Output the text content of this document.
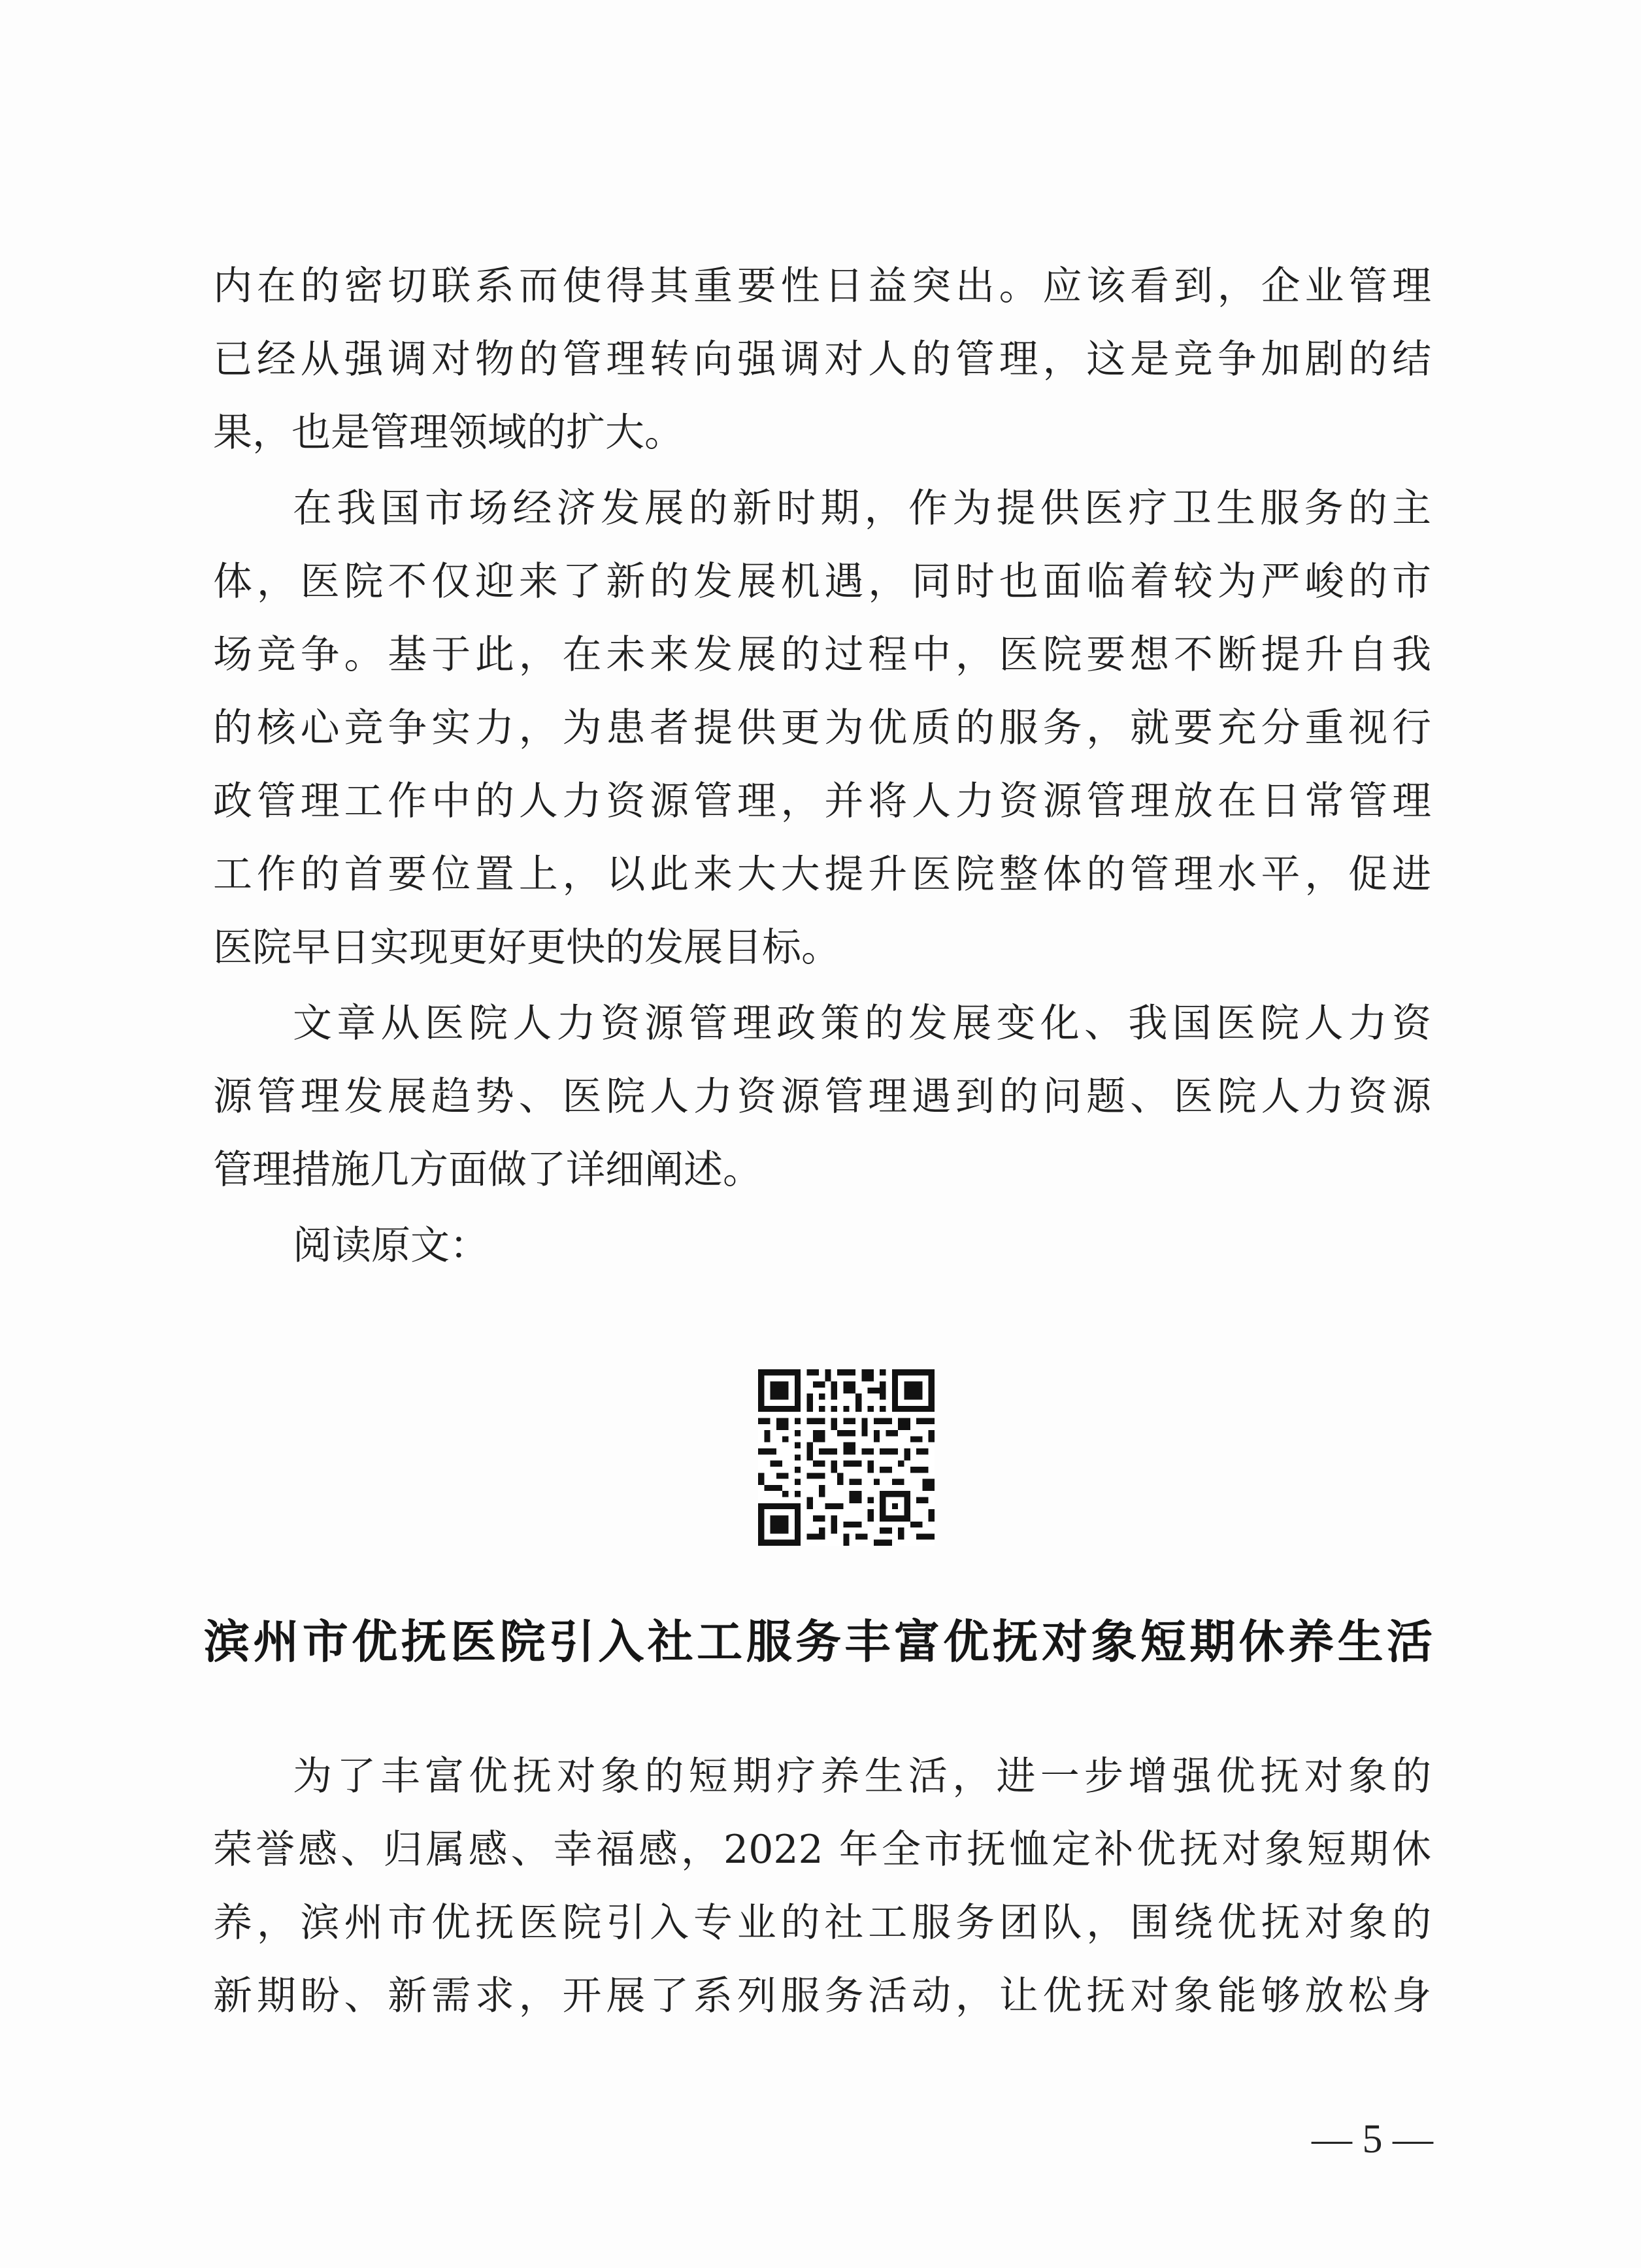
内在的密切联系而使得其重要性日益突出。应该看到，企业管理
已经从强调对物的管理转向强调对人的管理，这是竞争加剧的结
果，也是管理领域的扩大。
在我国市场经济发展的新时期，作为提供医疗卫生服务的主
体，医院不仅迎来了新的发展机遇，同时也面临着较为严峻的市
场竞争。基于此，在未来发展的过程中，医院要想不断提升自我
的核心竞争实力，为患者提供更为优质的服务，就要充分重视行
政管理工作中的人力资源管理，并将人力资源管理放在日常管理
工作的首要位置上，以此来大大提升医院整体的管理水平，促进
医院早日实现更好更快的发展目标。
文章从医院人力资源管理政策的发展变化、我国医院人力资
源管理发展趋势、医院人力资源管理遇到的问题、医院人力资源
管理措施几方面做了详细阐述。
阅读原文：
滨州市优抚医院引入社工服务丰富优抚对象短期休养生活
为了丰富优抚对象的短期疗养生活，进一步增强优抚对象的
荣誉感、归属感、幸福感，2022 年全市抚恤定补优抚对象短期休
养，滨州市优抚医院引入专业的社工服务团队，围绕优抚对象的
新期盼、新需求，开展了系列服务活动，让优抚对象能够放松身
— 5 —
